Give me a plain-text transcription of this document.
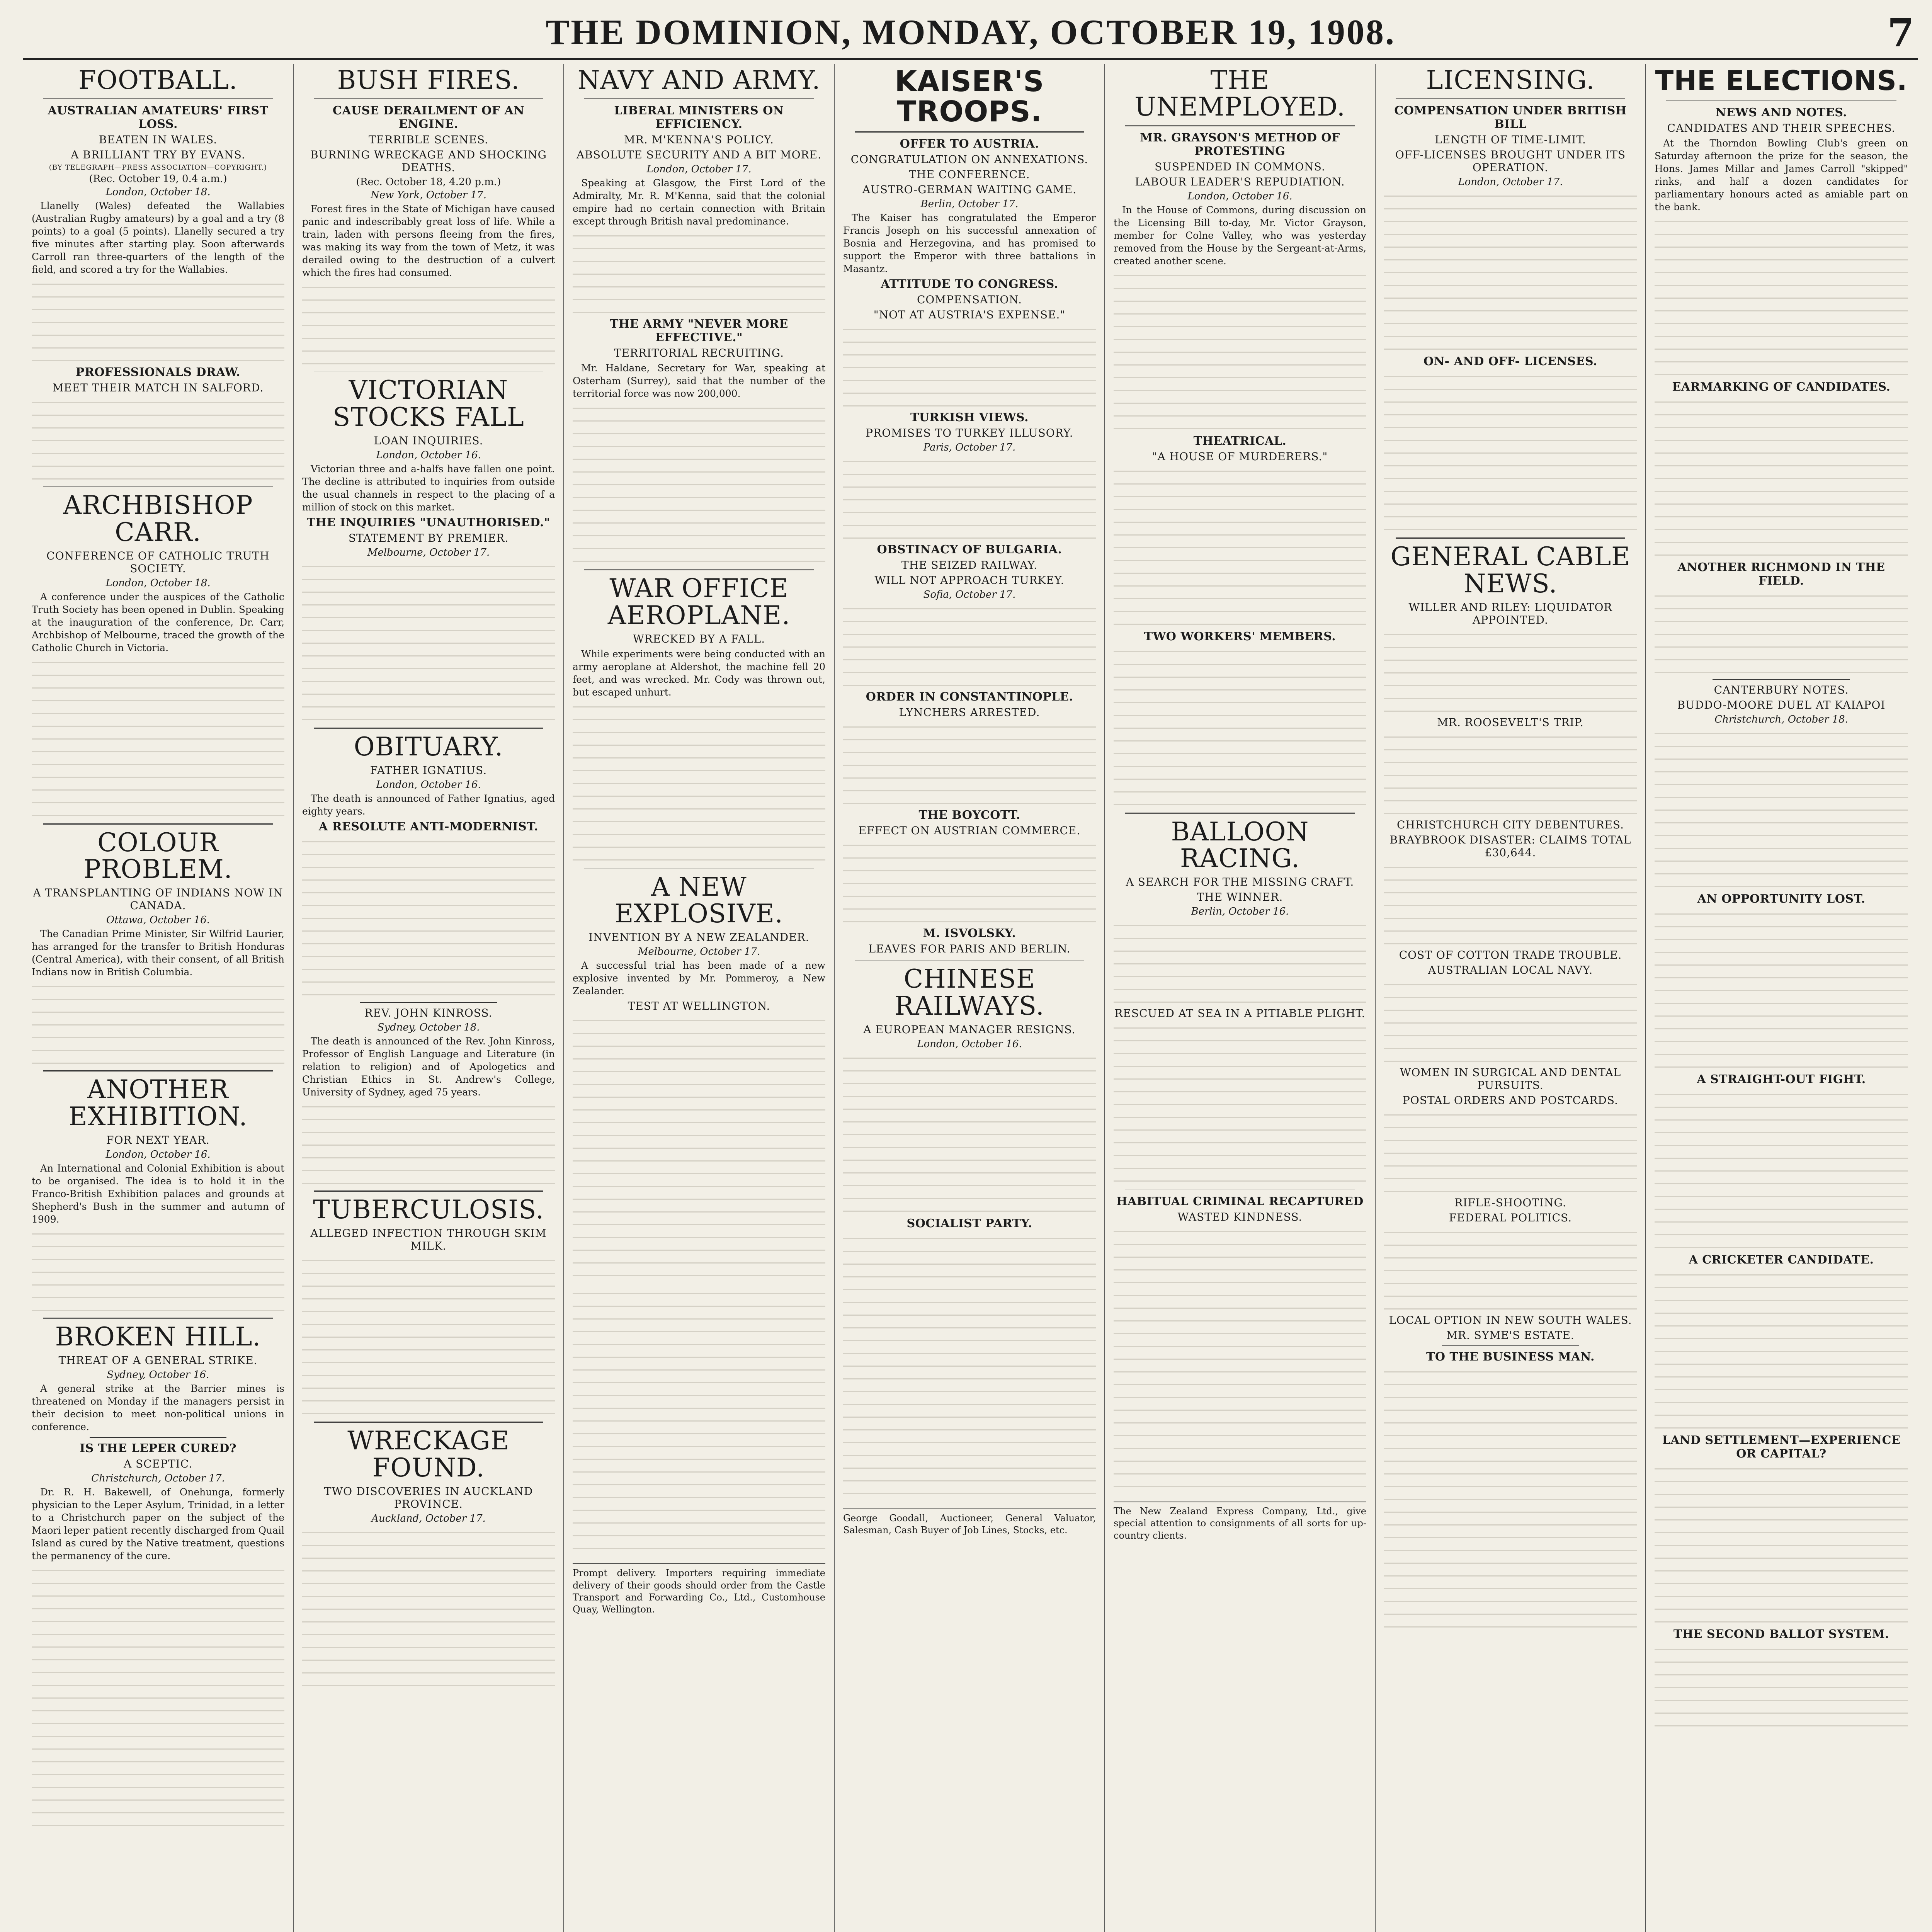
THE DOMINION, MONDAY, OCTOBER 19, 1908.	7
FOOTBALL.
AUSTRALIAN AMATEURS' FIRST LOSS.
BEATEN IN WALES.
A BRILLIANT TRY BY EVANS.
(BY TELEGRAPH—PRESS ASSOCIATION—COPYRIGHT.)
(Rec. October 19, 0.4 a.m.)
London, October 18.
Llanelly (Wales) defeated the Wallabies (Australian Rugby amateurs) by a goal and a try (8 points) to a goal (5 points). Llanelly secured a try five minutes after starting play. Soon afterwards Carroll ran three-quarters of the length of the field, and scored a try for the Wallabies.
PROFESSIONALS DRAW.
MEET THEIR MATCH IN SALFORD.
ARCHBISHOP CARR.
CONFERENCE OF CATHOLIC TRUTH SOCIETY.
London, October 18.
A conference under the auspices of the Catholic Truth Society has been opened in Dublin. Speaking at the inauguration of the conference, Dr. Carr, Archbishop of Melbourne, traced the growth of the Catholic Church in Victoria.
COLOUR PROBLEM.
A TRANSPLANTING OF INDIANS NOW IN CANADA.
Ottawa, October 16.
The Canadian Prime Minister, Sir Wilfrid Laurier, has arranged for the transfer to British Honduras (Central America), with their consent, of all British Indians now in British Columbia.
ANOTHER EXHIBITION.
FOR NEXT YEAR.
London, October 16.
An International and Colonial Exhibition is about to be organised. The idea is to hold it in the Franco-British Exhibition palaces and grounds at Shepherd's Bush in the summer and autumn of 1909.
BROKEN HILL.
THREAT OF A GENERAL STRIKE.
Sydney, October 16.
A general strike at the Barrier mines is threatened on Monday if the managers persist in their decision to meet non-political unions in conference.
IS THE LEPER CURED?
A SCEPTIC.
Christchurch, October 17.
Dr. R. H. Bakewell, of Onehunga, formerly physician to the Leper Asylum, Trinidad, in a letter to a Christchurch paper on the subject of the Maori leper patient recently discharged from Quail Island as cured by the Native treatment, questions the permanency of the cure.
BUSH FIRES.
CAUSE DERAILMENT OF AN ENGINE.
TERRIBLE SCENES.
BURNING WRECKAGE AND SHOCKING DEATHS.
(Rec. October 18, 4.20 p.m.)
New York, October 17.
Forest fires in the State of Michigan have caused panic and indescribably great loss of life. While a train, laden with persons fleeing from the fires, was making its way from the town of Metz, it was derailed owing to the destruction of a culvert which the fires had consumed.
VICTORIAN STOCKS FALL
LOAN INQUIRIES.
London, October 16.
Victorian three and a-halfs have fallen one point. The decline is attributed to inquiries from outside the usual channels in respect to the placing of a million of stock on this market.
THE INQUIRIES "UNAUTHORISED."
STATEMENT BY PREMIER.
Melbourne, October 17.
OBITUARY.
FATHER IGNATIUS.
London, October 16.
The death is announced of Father Ignatius, aged eighty years.
A RESOLUTE ANTI-MODERNIST.
REV. JOHN KINROSS.
Sydney, October 18.
The death is announced of the Rev. John Kinross, Professor of English Language and Literature (in relation to religion) and of Apologetics and Christian Ethics in St. Andrew's College, University of Sydney, aged 75 years.
TUBERCULOSIS.
ALLEGED INFECTION THROUGH SKIM MILK.
WRECKAGE FOUND.
TWO DISCOVERIES IN AUCKLAND PROVINCE.
Auckland, October 17.
NAVY AND ARMY.
LIBERAL MINISTERS ON EFFICIENCY.
MR. M'KENNA'S POLICY.
ABSOLUTE SECURITY AND A BIT MORE.
London, October 17.
Speaking at Glasgow, the First Lord of the Admiralty, Mr. R. M'Kenna, said that the colonial empire had no certain connection with Britain except through British naval predominance.
THE ARMY "NEVER MORE EFFECTIVE."
TERRITORIAL RECRUITING.
Mr. Haldane, Secretary for War, speaking at Osterham (Surrey), said that the number of the territorial force was now 200,000.
WAR OFFICE AEROPLANE.
WRECKED BY A FALL.
While experiments were being conducted with an army aeroplane at Aldershot, the machine fell 20 feet, and was wrecked. Mr. Cody was thrown out, but escaped unhurt.
A NEW EXPLOSIVE.
INVENTION BY A NEW ZEALANDER.
Melbourne, October 17.
A successful trial has been made of a new explosive invented by Mr. Pommeroy, a New Zealander.
TEST AT WELLINGTON.
Prompt delivery. Importers requiring immediate delivery of their goods should order from the Castle Transport and Forwarding Co., Ltd., Customhouse Quay, Wellington.
KAISER'S TROOPS.
OFFER TO AUSTRIA.
CONGRATULATION ON ANNEXATIONS.
THE CONFERENCE.
AUSTRO-GERMAN WAITING GAME.
Berlin, October 17.
The Kaiser has congratulated the Emperor Francis Joseph on his successful annexation of Bosnia and Herzegovina, and has promised to support the Emperor with three battalions in Masantz.
ATTITUDE TO CONGRESS.
COMPENSATION.
"NOT AT AUSTRIA'S EXPENSE."
TURKISH VIEWS.
PROMISES TO TURKEY ILLUSORY.
Paris, October 17.
OBSTINACY OF BULGARIA.
THE SEIZED RAILWAY.
WILL NOT APPROACH TURKEY.
Sofia, October 17.
ORDER IN CONSTANTINOPLE.
LYNCHERS ARRESTED.
THE BOYCOTT.
EFFECT ON AUSTRIAN COMMERCE.
M. ISVOLSKY.
LEAVES FOR PARIS AND BERLIN.
CHINESE RAILWAYS.
A EUROPEAN MANAGER RESIGNS.
London, October 16.
SOCIALIST PARTY.
George Goodall, Auctioneer, General Valuator, Salesman, Cash Buyer of Job Lines, Stocks, etc.
THE UNEMPLOYED.
MR. GRAYSON'S METHOD OF PROTESTING
SUSPENDED IN COMMONS.
LABOUR LEADER'S REPUDIATION.
London, October 16.
In the House of Commons, during discussion on the Licensing Bill to-day, Mr. Victor Grayson, member for Colne Valley, who was yesterday removed from the House by the Sergeant-at-Arms, created another scene.
THEATRICAL.
"A HOUSE OF MURDERERS."
TWO WORKERS' MEMBERS.
BALLOON RACING.
A SEARCH FOR THE MISSING CRAFT.
THE WINNER.
Berlin, October 16.
RESCUED AT SEA IN A PITIABLE PLIGHT.
HABITUAL CRIMINAL RECAPTURED
WASTED KINDNESS.
The New Zealand Express Company, Ltd., give special attention to consignments of all sorts for up-country clients.
LICENSING.
COMPENSATION UNDER BRITISH BILL
LENGTH OF TIME-LIMIT.
OFF-LICENSES BROUGHT UNDER ITS OPERATION.
London, October 17.
ON- AND OFF- LICENSES.
GENERAL CABLE NEWS.
WILLER AND RILEY: LIQUIDATOR APPOINTED.
MR. ROOSEVELT'S TRIP.
CHRISTCHURCH CITY DEBENTURES.
BRAYBROOK DISASTER: CLAIMS TOTAL £30,644.
COST OF COTTON TRADE TROUBLE.
AUSTRALIAN LOCAL NAVY.
WOMEN IN SURGICAL AND DENTAL PURSUITS.
POSTAL ORDERS AND POSTCARDS.
RIFLE-SHOOTING.
FEDERAL POLITICS.
LOCAL OPTION IN NEW SOUTH WALES.
MR. SYME'S ESTATE.
TO THE BUSINESS MAN.
THE ELECTIONS.
NEWS AND NOTES.
CANDIDATES AND THEIR SPEECHES.
At the Thorndon Bowling Club's green on Saturday afternoon the prize for the season, the Hons. James Millar and James Carroll "skipped" rinks, and half a dozen candidates for parliamentary honours acted as amiable part on the bank.
EARMARKING OF CANDIDATES.
ANOTHER RICHMOND IN THE FIELD.
CANTERBURY NOTES.
BUDDO-MOORE DUEL AT KAIAPOI
Christchurch, October 18.
AN OPPORTUNITY LOST.
A STRAIGHT-OUT FIGHT.
A CRICKETER CANDIDATE.
LAND SETTLEMENT—EXPERIENCE OR CAPITAL?
THE SECOND BALLOT SYSTEM.
